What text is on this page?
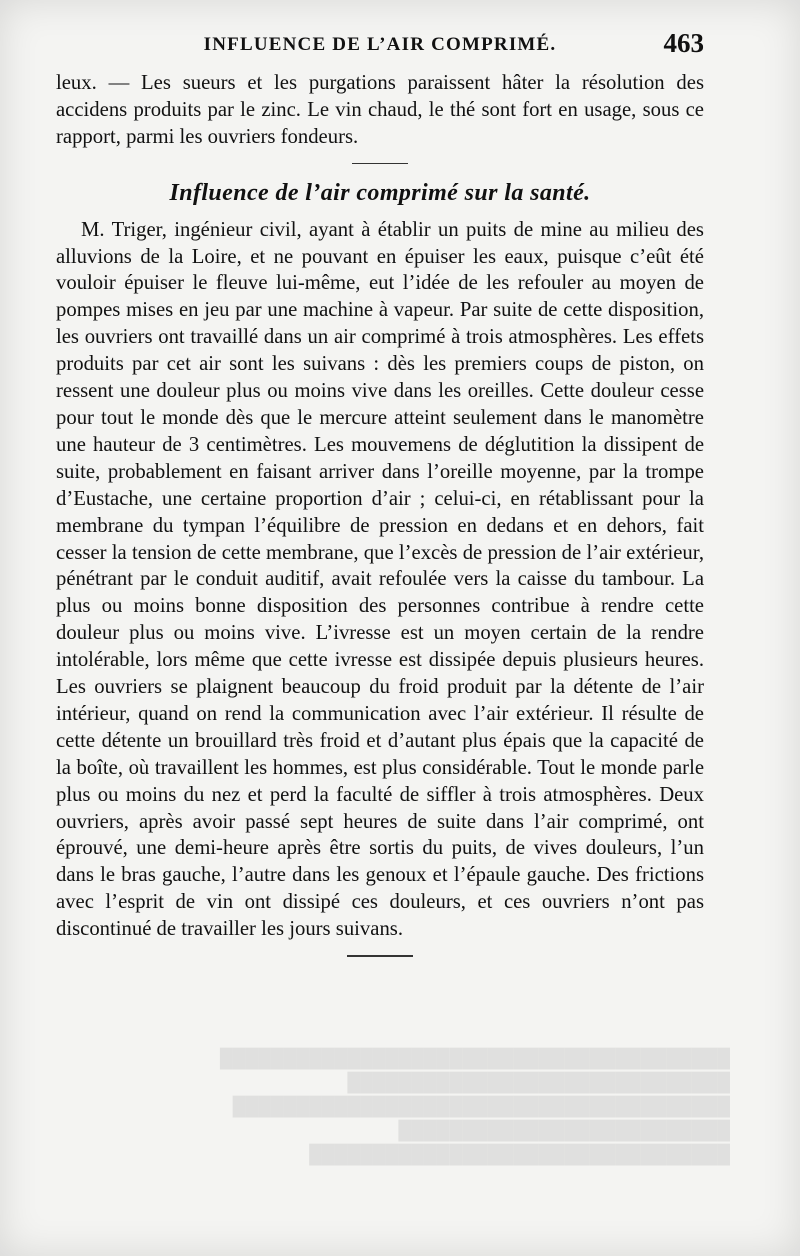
INFLUENCE DE L’AIR COMPRIMÉ.	463

leux. — Les sueurs et les purgations paraissent hâter la résolution des accidens produits par le zinc. Le vin chaud, le thé sont fort en usage, sous ce rapport, parmi les ouvriers fondeurs.

Influence de l’air comprimé sur la santé.

M. Triger, ingénieur civil, ayant à établir un puits de mine au milieu des alluvions de la Loire, et ne pouvant en épuiser les eaux, puisque c’eût été vouloir épuiser le fleuve lui-même, eut l’idée de les refouler au moyen de pompes mises en jeu par une machine à vapeur. Par suite de cette disposition, les ouvriers ont travaillé dans un air comprimé à trois atmosphères. Les effets produits par cet air sont les suivans : dès les premiers coups de piston, on ressent une douleur plus ou moins vive dans les oreilles. Cette douleur cesse pour tout le monde dès que le mercure atteint seulement dans le manomètre une hauteur de 3 centimètres. Les mouvemens de déglutition la dissipent de suite, probablement en faisant arriver dans l’oreille moyenne, par la trompe d’Eustache, une certaine proportion d’air ; celui-ci, en rétablissant pour la membrane du tympan l’équilibre de pression en dedans et en dehors, fait cesser la tension de cette membrane, que l’excès de pression de l’air extérieur, pénétrant par le conduit auditif, avait refoulée vers la caisse du tambour. La plus ou moins bonne disposition des personnes contribue à rendre cette douleur plus ou moins vive. L’ivresse est un moyen certain de la rendre intolérable, lors même que cette ivresse est dissipée depuis plusieurs heures. Les ouvriers se plaignent beaucoup du froid produit par la détente de l’air intérieur, quand on rend la communication avec l’air extérieur. Il résulte de cette détente un brouillard très froid et d’autant plus épais que la capacité de la boîte, où travaillent les hommes, est plus considérable. Tout le monde parle plus ou moins du nez et perd la faculté de siffler à trois atmosphères. Deux ouvriers, après avoir passé sept heures de suite dans l’air comprimé, ont éprouvé, une demi-heure après être sortis du puits, de vives douleurs, l’un dans le bras gauche, l’autre dans les genoux et l’épaule gauche. Des frictions avec l’esprit de vin ont dissipé ces douleurs, et ces ouvriers n’ont pas discontinué de travailler les jours suivans.

████████████████████████████████████████
██████████████████████████████
███████████████████████████████████████
██████████████████████████
█████████████████████████████████
